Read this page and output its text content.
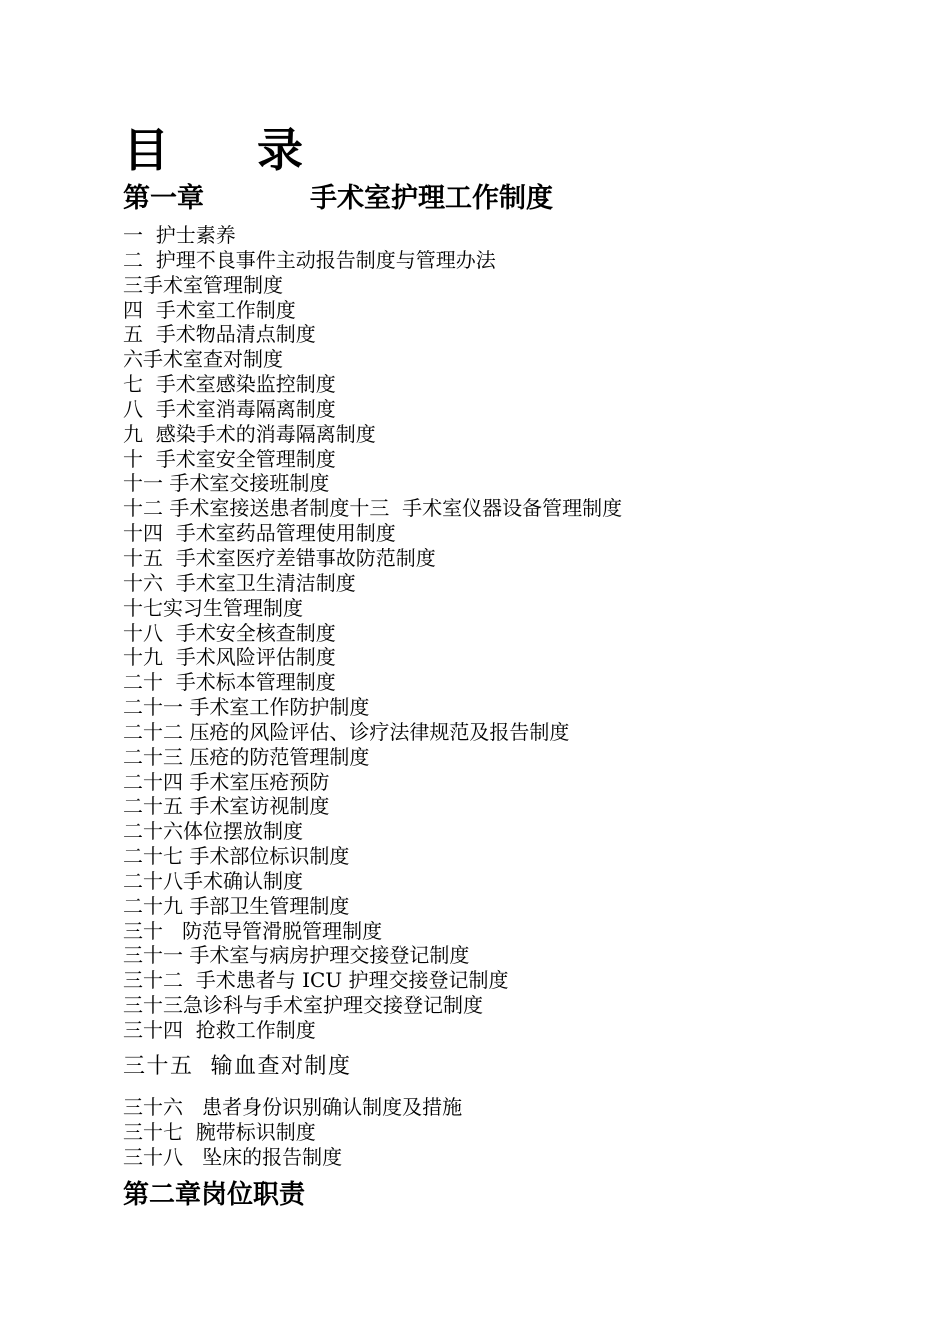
目 录
第一章	手术室护理工作制度
一 护士素养
二 护理不良事件主动报告制度与管理办法
三手术室管理制度
四 手术室工作制度
五 手术物品清点制度
六手术室查对制度
七 手术室感染监控制度
八 手术室消毒隔离制度
九 感染手术的消毒隔离制度
十 手术室安全管理制度
十一 手术室交接班制度
十二 手术室接送患者制度十三  手术室仪器设备管理制度
十四 手术室药品管理使用制度
十五 手术室医疗差错事故防范制度
十六 手术室卫生清洁制度
十七实习生管理制度
十八 手术安全核查制度
十九 手术风险评估制度
二十 手术标本管理制度
二十一 手术室工作防护制度
二十二 压疮的风险评估、诊疗法律规范及报告制度
二十三 压疮的防范管理制度
二十四 手术室压疮预防
二十五 手术室访视制度
二十六体位摆放制度
二十七 手术部位标识制度
二十八手术确认制度
二十九 手部卫生管理制度
三十 防范导管滑脱管理制度
三十一 手术室与病房护理交接登记制度
三十二 手术患者与 ICU 护理交接登记制度
三十三急诊科与手术室护理交接登记制度
三十四 抢救工作制度
三十五 输血查对制度
三十六 患者身份识别确认制度及措施
三十七 腕带标识制度
三十八 坠床的报告制度
第二章岗位职责
